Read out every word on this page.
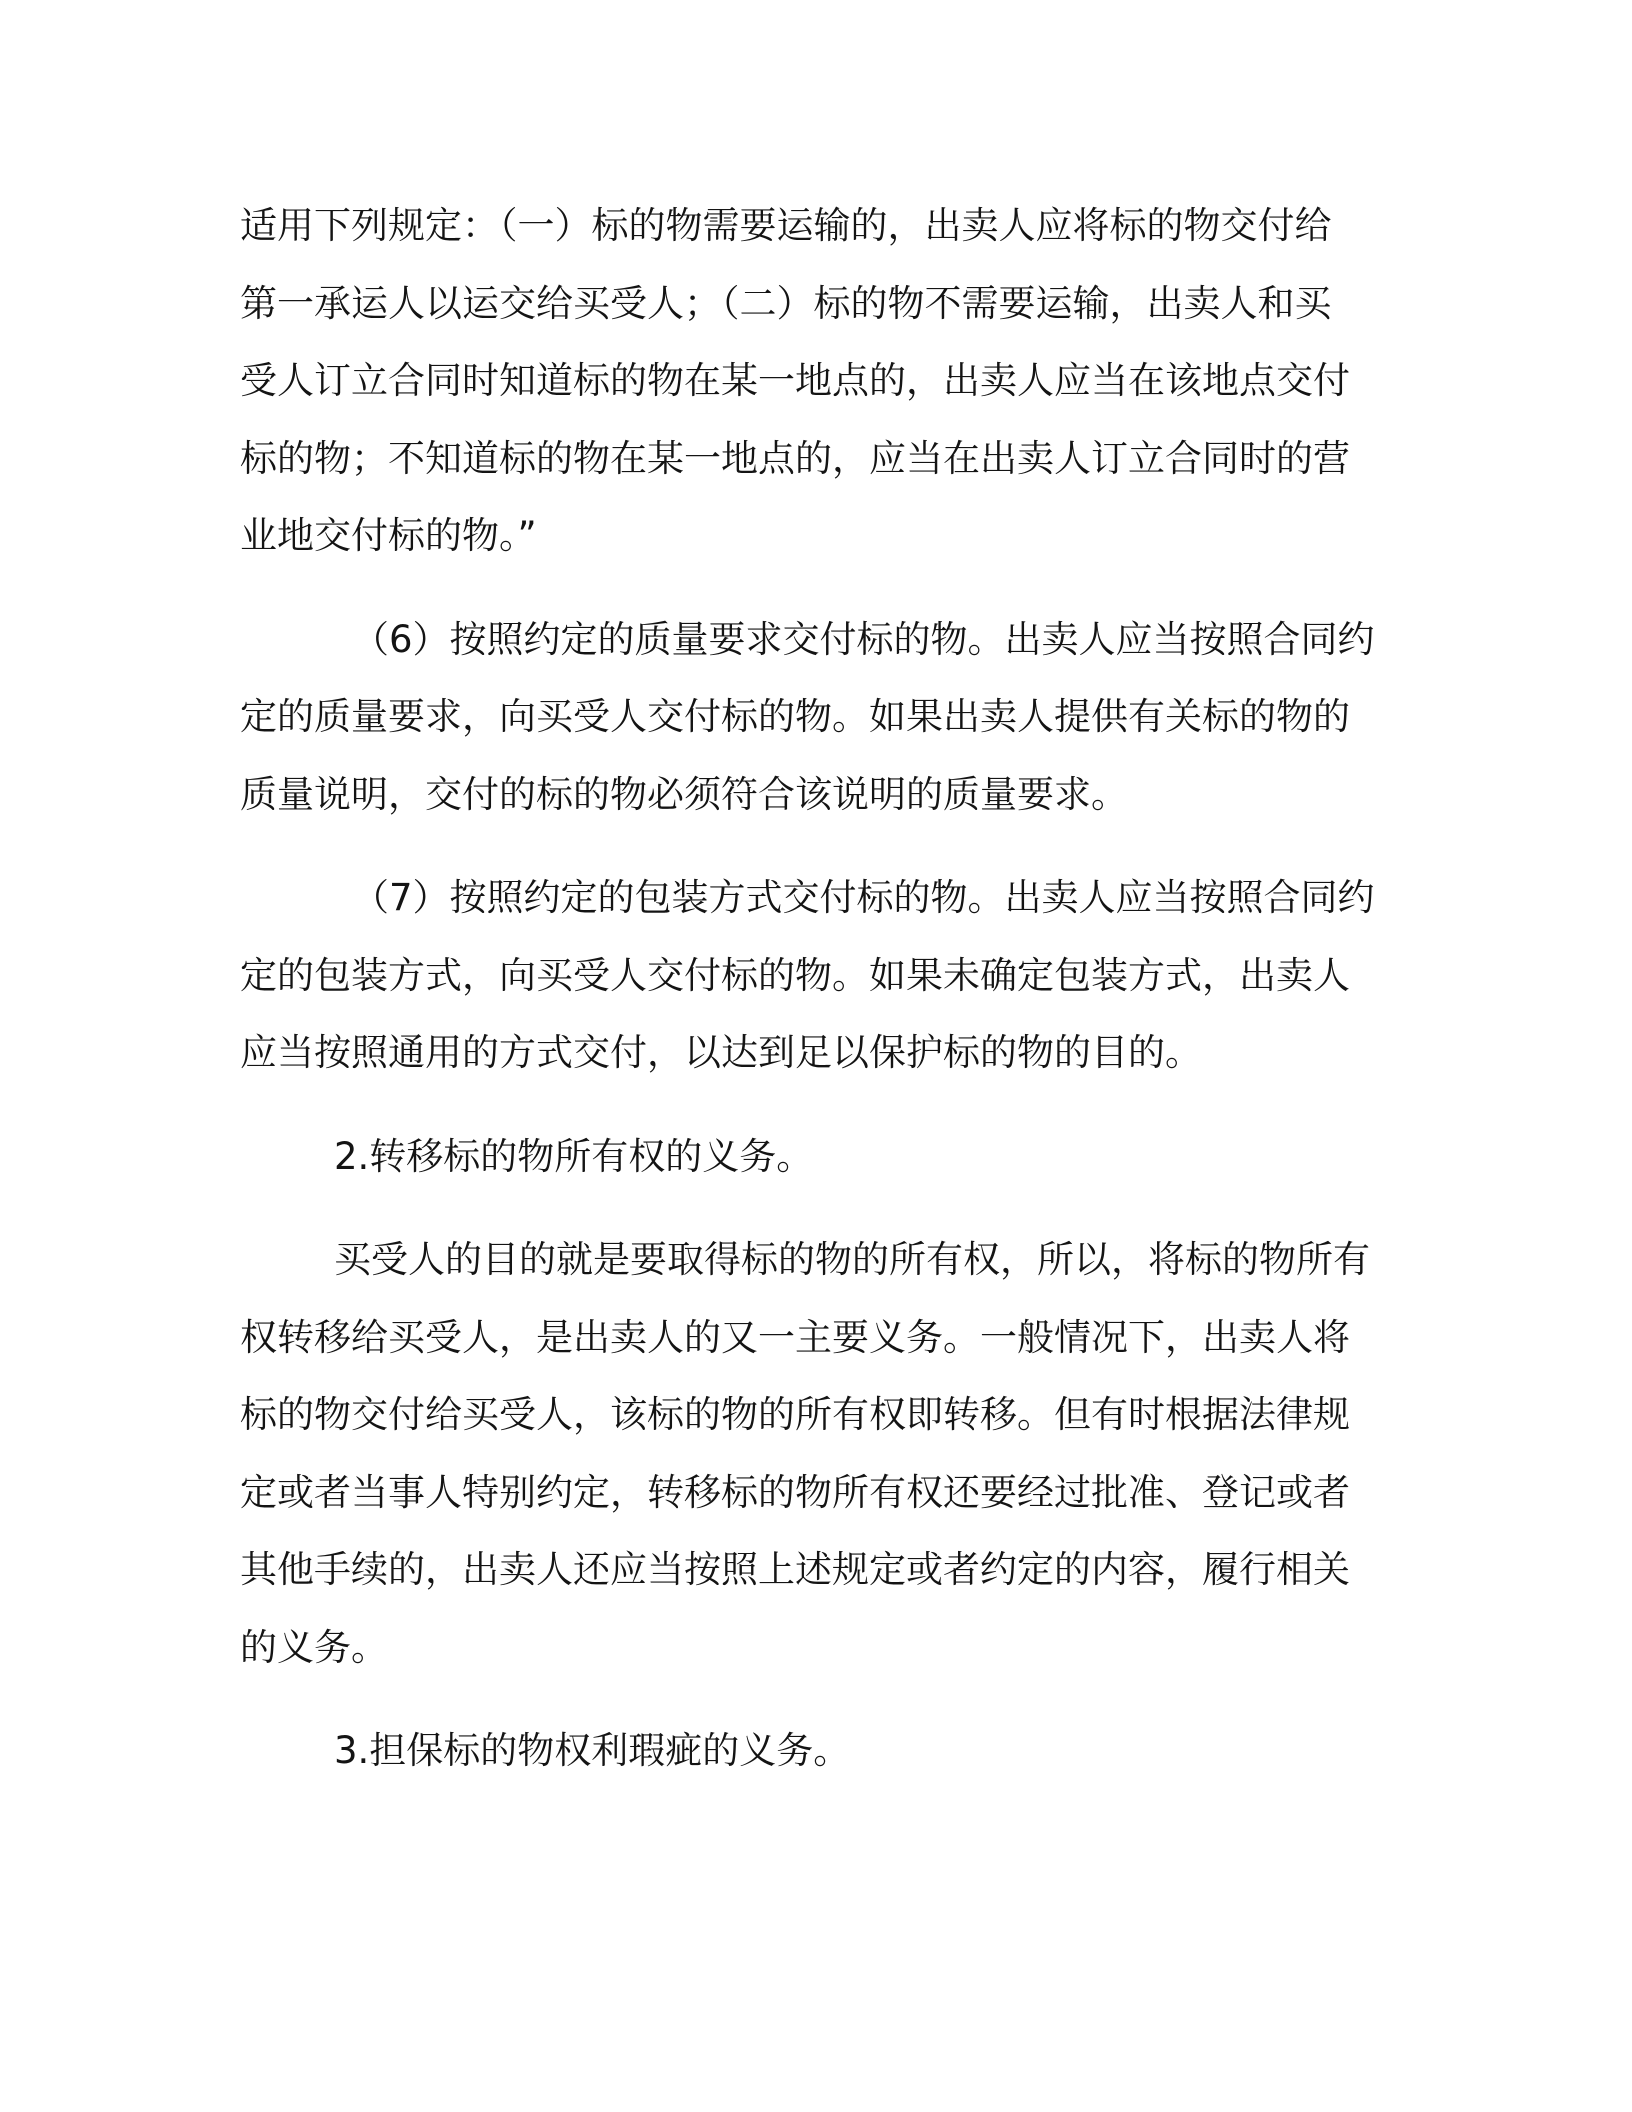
适用下列规定：（一）标的物需要运输的，出卖人应将标的物交付给
第一承运人以运交给买受人；（二）标的物不需要运输，出卖人和买
受人订立合同时知道标的物在某一地点的，出卖人应当在该地点交付
标的物；不知道标的物在某一地点的，应当在出卖人订立合同时的营
业地交付标的物。”

（6）按照约定的质量要求交付标的物。出卖人应当按照合同约
定的质量要求，向买受人交付标的物。如果出卖人提供有关标的物的
质量说明，交付的标的物必须符合该说明的质量要求。

（7）按照约定的包装方式交付标的物。出卖人应当按照合同约
定的包装方式，向买受人交付标的物。如果未确定包装方式，出卖人
应当按照通用的方式交付，以达到足以保护标的物的目的。

2.转移标的物所有权的义务。

买受人的目的就是要取得标的物的所有权，所以，将标的物所有
权转移给买受人，是出卖人的又一主要义务。一般情况下，出卖人将
标的物交付给买受人，该标的物的所有权即转移。但有时根据法律规
定或者当事人特别约定，转移标的物所有权还要经过批准、登记或者
其他手续的，出卖人还应当按照上述规定或者约定的内容，履行相关
的义务。

3.担保标的物权利瑕疵的义务。
